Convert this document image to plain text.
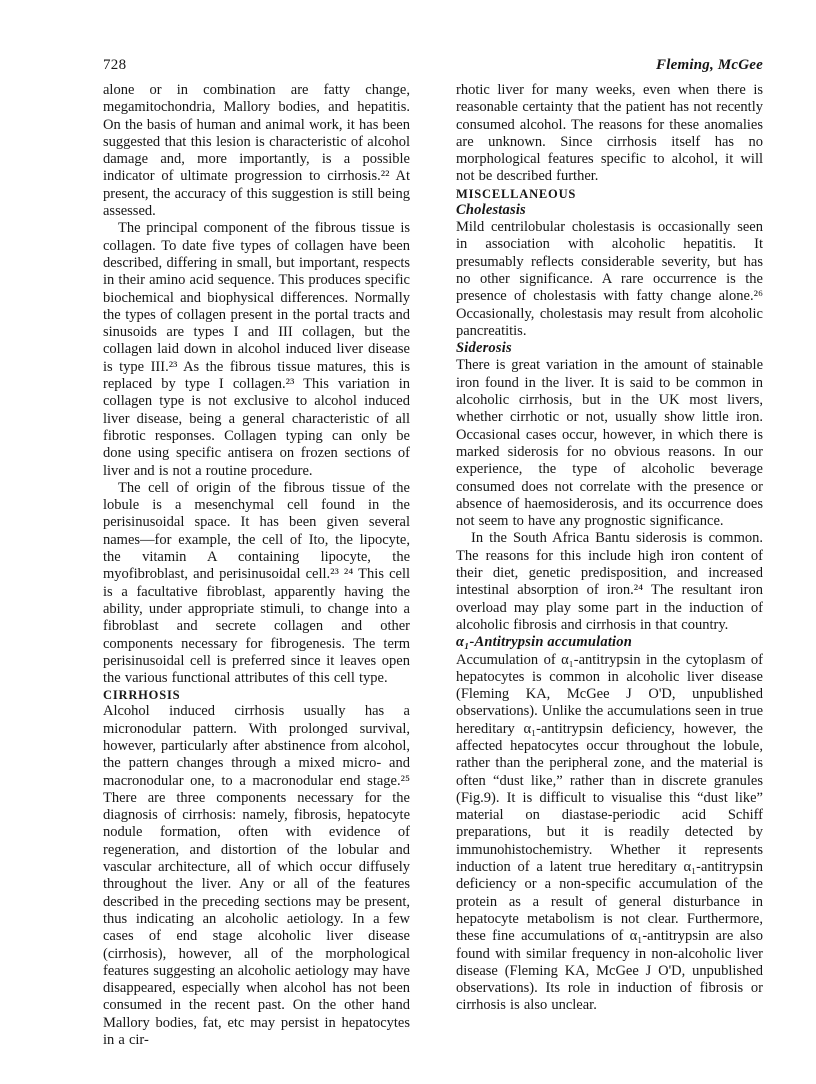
728	Fleming, McGee

alone or in combination are fatty change, megamitochondria, Mallory bodies, and hepatitis. On the basis of human and animal work, it has been suggested that this lesion is characteristic of alcohol damage and, more importantly, is a possible indicator of ultimate progression to cirrhosis.²² At present, the accuracy of this suggestion is still being assessed.

The principal component of the fibrous tissue is collagen. To date five types of collagen have been described, differing in small, but important, respects in their amino acid sequence. This produces specific biochemical and biophysical differences. Normally the types of collagen present in the portal tracts and sinusoids are types I and III collagen, but the collagen laid down in alcohol induced liver disease is type III.²³ As the fibrous tissue matures, this is replaced by type I collagen.²³ This variation in collagen type is not exclusive to alcohol induced liver disease, being a general characteristic of all fibrotic responses. Collagen typing can only be done using specific antisera on frozen sections of liver and is not a routine procedure.

The cell of origin of the fibrous tissue of the lobule is a mesenchymal cell found in the perisinusoidal space. It has been given several names—for example, the cell of Ito, the lipocyte, the vitamin A containing lipocyte, the myofibroblast, and perisinusoidal cell.²³ ²⁴ This cell is a facultative fibroblast, apparently having the ability, under appropriate stimuli, to change into a fibroblast and secrete collagen and other components necessary for fibrogenesis. The term perisinusoidal cell is preferred since it leaves open the various functional attributes of this cell type.

CIRRHOSIS

Alcohol induced cirrhosis usually has a micronodular pattern. With prolonged survival, however, particularly after abstinence from alcohol, the pattern changes through a mixed micro- and macronodular one, to a macronodular end stage.²⁵ There are three components necessary for the diagnosis of cirrhosis: namely, fibrosis, hepatocyte nodule formation, often with evidence of regeneration, and distortion of the lobular and vascular architecture, all of which occur diffusely throughout the liver. Any or all of the features described in the preceding sections may be present, thus indicating an alcoholic aetiology. In a few cases of end stage alcoholic liver disease (cirrhosis), however, all of the morphological features suggesting an alcoholic aetiology may have disappeared, especially when alcohol has not been consumed in the recent past. On the other hand Mallory bodies, fat, etc may persist in hepatocytes in a cir-

rhotic liver for many weeks, even when there is reasonable certainty that the patient has not recently consumed alcohol. The reasons for these anomalies are unknown. Since cirrhosis itself has no morphological features specific to alcohol, it will not be described further.

MISCELLANEOUS
Cholestasis

Mild centrilobular cholestasis is occasionally seen in association with alcoholic hepatitis. It presumably reflects considerable severity, but has no other significance. A rare occurrence is the presence of cholestasis with fatty change alone.²⁶ Occasionally, cholestasis may result from alcoholic pancreatitis.

Siderosis

There is great variation in the amount of stainable iron found in the liver. It is said to be common in alcoholic cirrhosis, but in the UK most livers, whether cirrhotic or not, usually show little iron. Occasional cases occur, however, in which there is marked siderosis for no obvious reasons. In our experience, the type of alcoholic beverage consumed does not correlate with the presence or absence of haemosiderosis, and its occurrence does not seem to have any prognostic significance.

In the South Africa Bantu siderosis is common. The reasons for this include high iron content of their diet, genetic predisposition, and increased intestinal absorption of iron.²⁴ The resultant iron overload may play some part in the induction of alcoholic fibrosis and cirrhosis in that country.

α₁-Antitrypsin accumulation

Accumulation of α₁-antitrypsin in the cytoplasm of hepatocytes is common in alcoholic liver disease (Fleming KA, McGee J O'D, unpublished observations). Unlike the accumulations seen in true hereditary α₁-antitrypsin deficiency, however, the affected hepatocytes occur throughout the lobule, rather than the peripheral zone, and the material is often “dust like,” rather than in discrete granules (Fig.9). It is difficult to visualise this “dust like” material on diastase-periodic acid Schiff preparations, but it is readily detected by immunohistochemistry. Whether it represents induction of a latent true hereditary α₁-antitrypsin deficiency or a non-specific accumulation of the protein as a result of general disturbance in hepatocyte metabolism is not clear. Furthermore, these fine accumulations of α₁-antitrypsin are also found with similar frequency in non-alcoholic liver disease (Fleming KA, McGee J O'D, unpublished observations). Its role in induction of fibrosis or cirrhosis is also unclear.
